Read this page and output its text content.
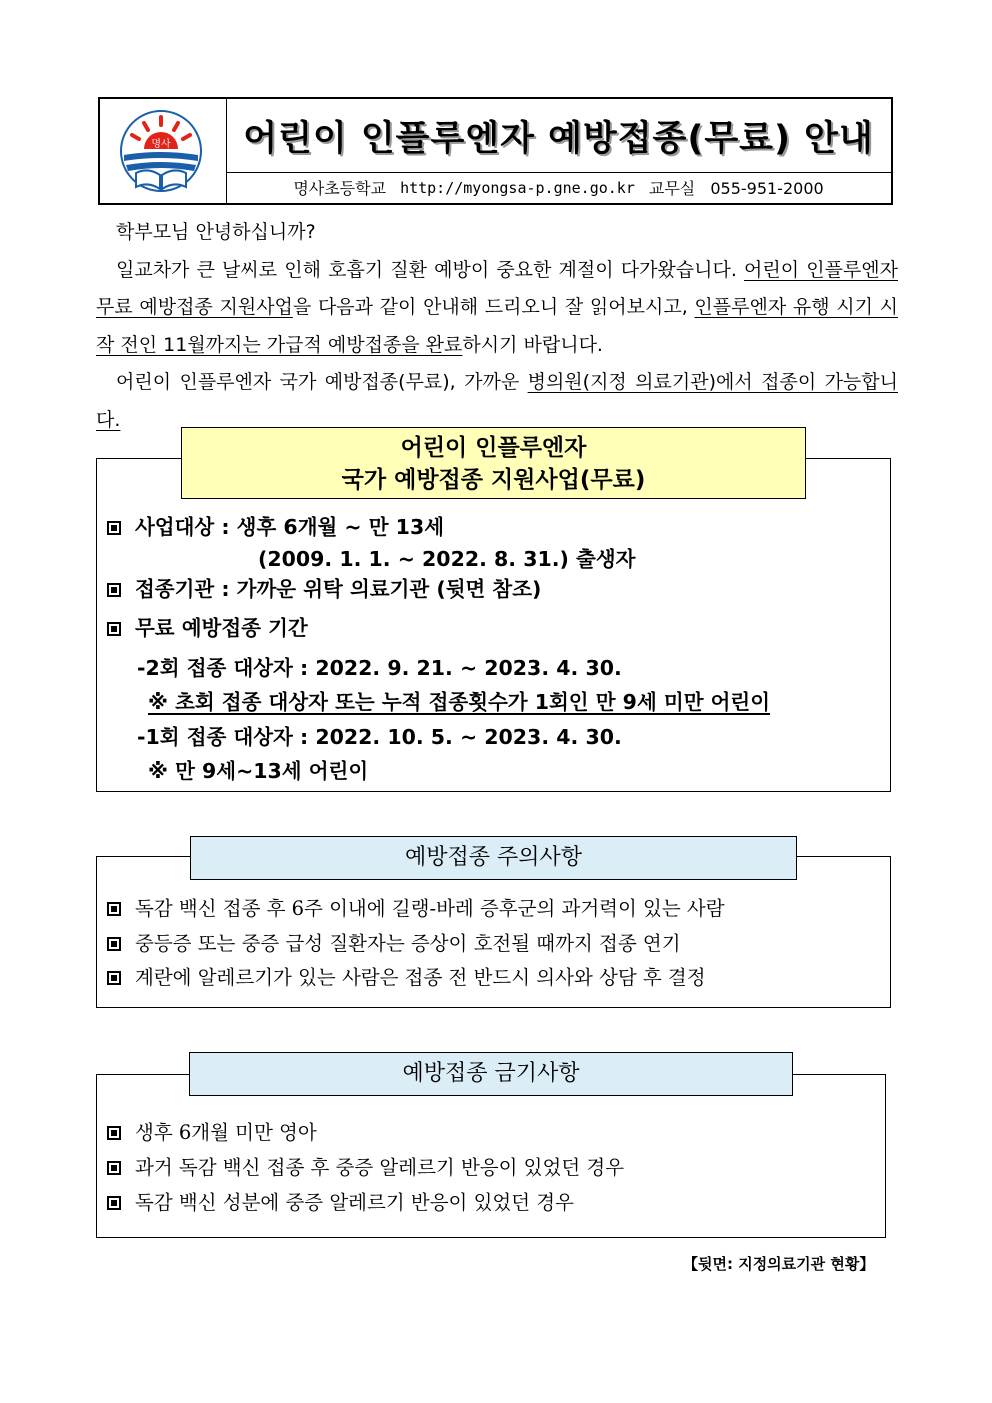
명사 어린이 인플루엔자 예방접종(무료) 안내
명사초등학교 http://myongsa-p.gne.go.kr 교무실 055-951-2000

학부모님 안녕하십니까?

일교차가 큰 날씨로 인해 호흡기 질환 예방이 중요한 계절이 다가왔습니다. 어린이 인플루엔자 무료 예방접종 지원사업을 다음과 같이 안내해 드리오니 잘 읽어보시고, 인플루엔자 유행 시기 시작 전인 11월까지는 가급적 예방접종을 완료하시기 바랍니다.

어린이 인플루엔자 국가 예방접종(무료), 가까운 병의원(지정 의료기관)에서 접종이 가능합니다.

어린이 인플루엔자
국가 예방접종 지원사업(무료)
사업대상 : 생후 6개월 ~ 만 13세
(2009. 1. 1. ~ 2022. 8. 31.) 출생자
접종기관 : 가까운 위탁 의료기관 (뒷면 참조)
무료 예방접종 기간
-2회 접종 대상자 : 2022. 9. 21. ~ 2023. 4. 30.
※ 초회 접종 대상자 또는 누적 접종횟수가 1회인 만 9세 미만 어린이
-1회 접종 대상자 : 2022. 10. 5. ~ 2023. 4. 30.
※ 만 9세~13세 어린이
예방접종 주의사항
독감 백신 접종 후 6주 이내에 길랭-바레 증후군의 과거력이 있는 사람
중등증 또는 중증 급성 질환자는 증상이 호전될 때까지 접종 연기
계란에 알레르기가 있는 사람은 접종 전 반드시 의사와 상담 후 결정
예방접종 금기사항
생후 6개월 미만 영아
과거 독감 백신 접종 후 중증 알레르기 반응이 있었던 경우
독감 백신 성분에 중증 알레르기 반응이 있었던 경우
【뒷면: 지정의료기관 현황】
